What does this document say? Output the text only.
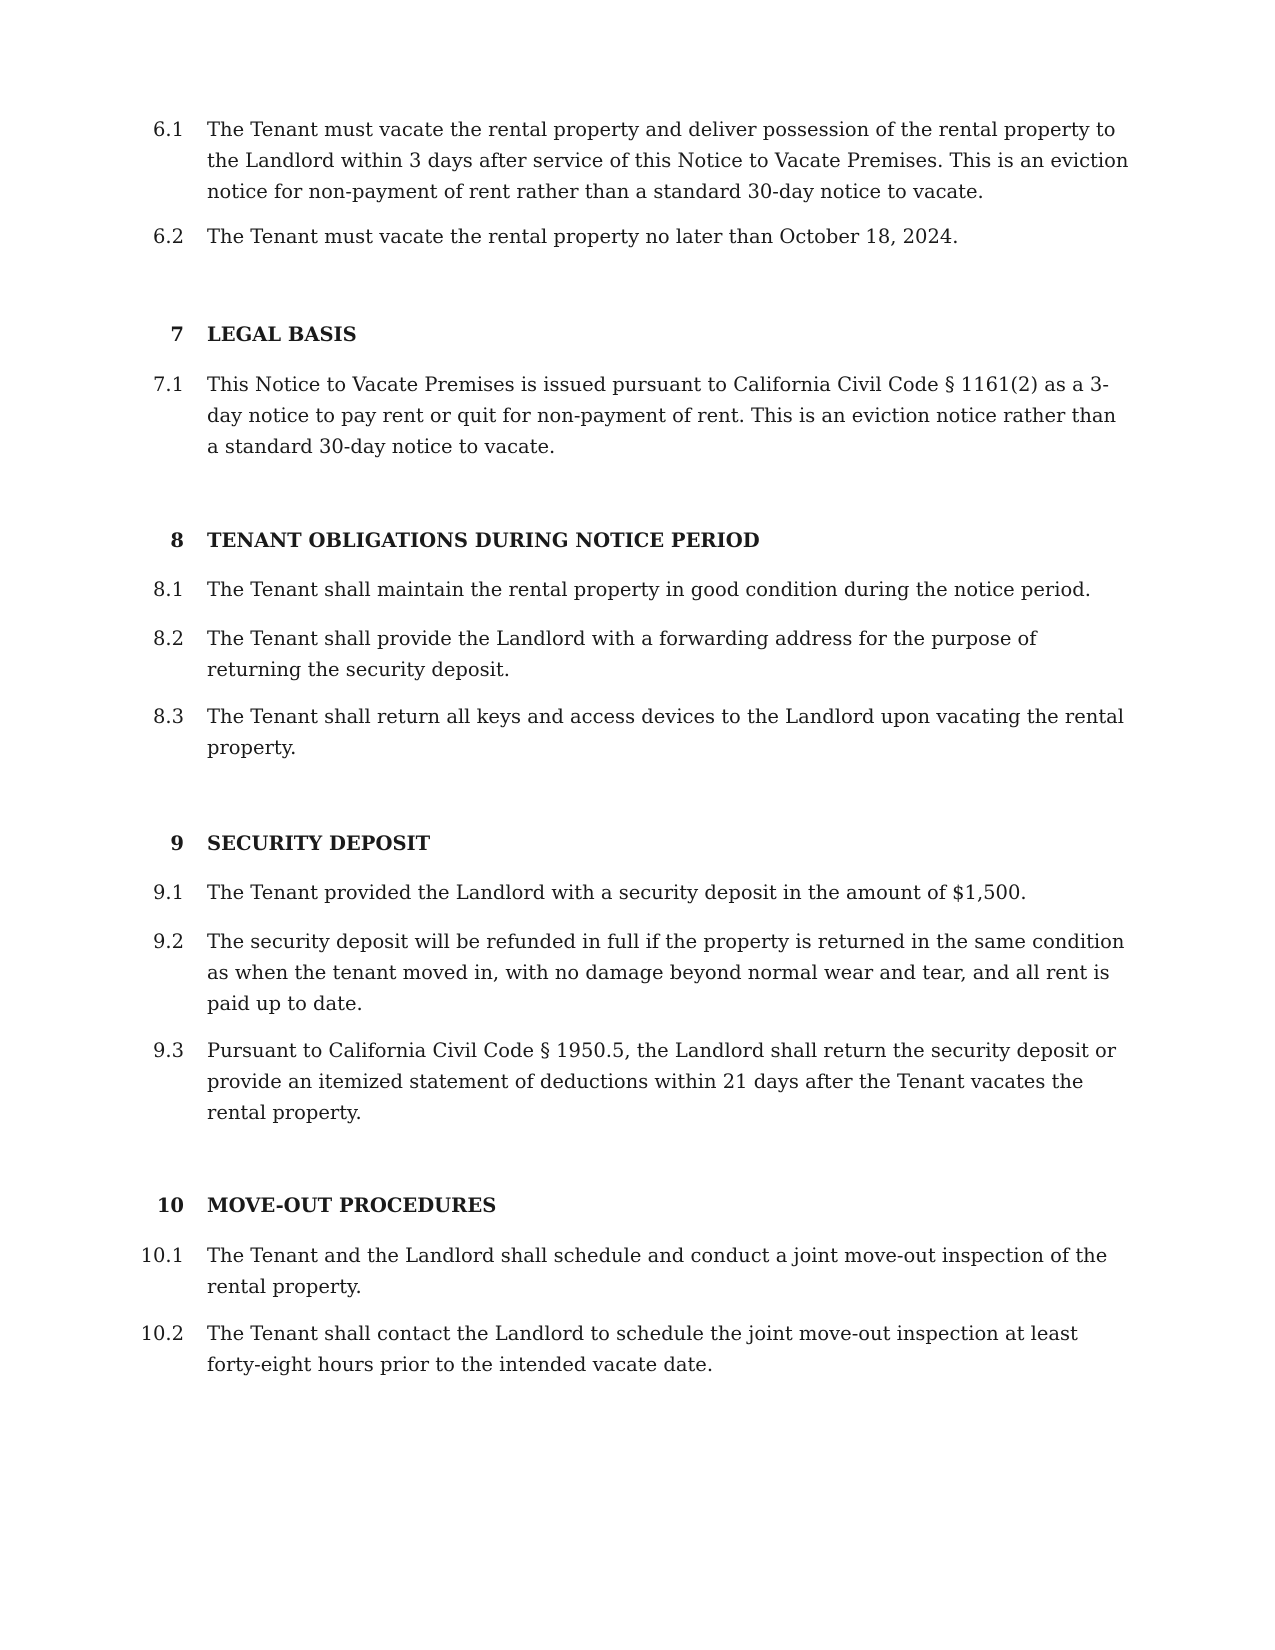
6.1 The Tenant must vacate the rental property and deliver possession of the rental property to the Landlord within 3 days after service of this Notice to Vacate Premises. This is an eviction notice for non-payment of rent rather than a standard 30-day notice to vacate.
6.2 The Tenant must vacate the rental property no later than October 18, 2024.
7 LEGAL BASIS
7.1 This Notice to Vacate Premises is issued pursuant to California Civil Code § 1161(2) as a 3-day notice to pay rent or quit for non-payment of rent. This is an eviction notice rather than a standard 30-day notice to vacate.
8 TENANT OBLIGATIONS DURING NOTICE PERIOD
8.1 The Tenant shall maintain the rental property in good condition during the notice period.
8.2 The Tenant shall provide the Landlord with a forwarding address for the purpose of returning the security deposit.
8.3 The Tenant shall return all keys and access devices to the Landlord upon vacating the rental property.
9 SECURITY DEPOSIT
9.1 The Tenant provided the Landlord with a security deposit in the amount of $1,500.
9.2 The security deposit will be refunded in full if the property is returned in the same condition as when the tenant moved in, with no damage beyond normal wear and tear, and all rent is paid up to date.
9.3 Pursuant to California Civil Code § 1950.5, the Landlord shall return the security deposit or provide an itemized statement of deductions within 21 days after the Tenant vacates the rental property.
10 MOVE-OUT PROCEDURES
10.1 The Tenant and the Landlord shall schedule and conduct a joint move-out inspection of the rental property.
10.2 The Tenant shall contact the Landlord to schedule the joint move-out inspection at least forty-eight hours prior to the intended vacate date.
